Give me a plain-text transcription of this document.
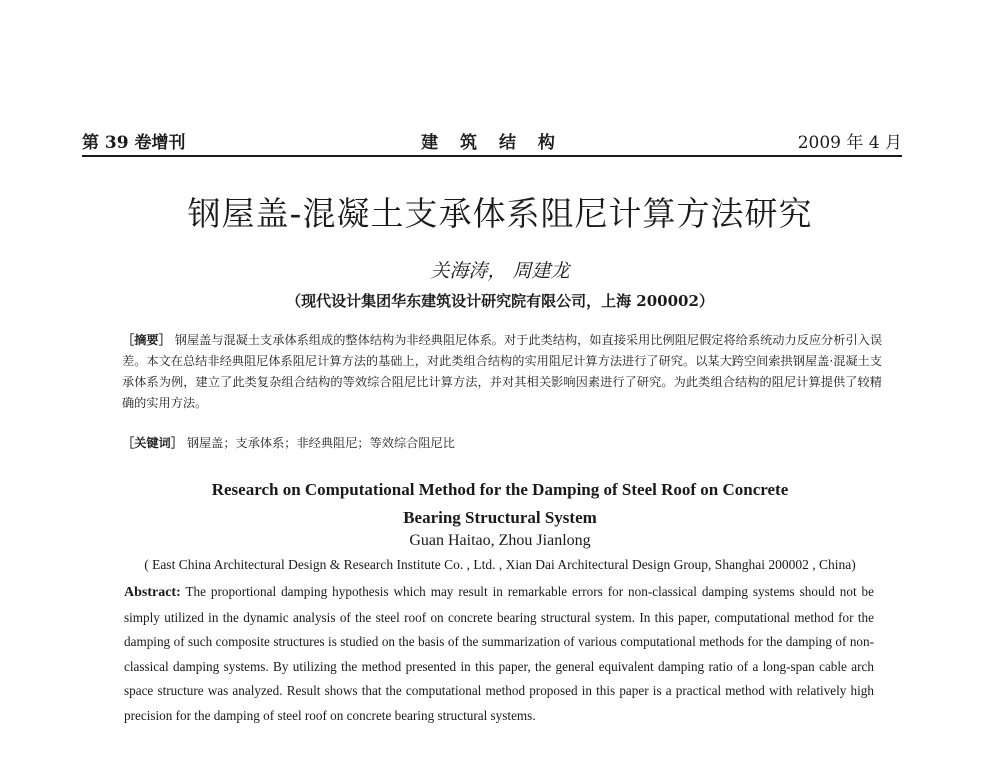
第 39 卷增刊	建 筑 结 构	2009 年 4 月
钢屋盖-混凝土支承体系阻尼计算方法研究
关海涛， 周建龙
（现代设计集团华东建筑设计研究院有限公司，上海 200002）
［摘要］ 钢屋盖与混凝土支承体系组成的整体结构为非经典阻尼体系。对于此类结构，如直接采用比例阻尼假定将给系统动力反应分析引入误差。本文在总结非经典阻尼体系阻尼计算方法的基础上，对此类组合结构的实用阻尼计算方法进行了研究。以某大跨空间索拱钢屋盖·混凝土支承体系为例，建立了此类复杂组合结构的等效综合阻尼比计算方法，并对其相关影响因素进行了研究。为此类组合结构的阻尼计算提供了较精确的实用方法。
［关键词］ 钢屋盖；支承体系；非经典阻尼；等效综合阻尼比
Research on Computational Method for the Damping of Steel Roof on Concrete
Bearing Structural System
Guan Haitao, Zhou Jianlong
( East China Architectural Design & Research Institute Co. , Ltd. , Xian Dai Architectural Design Group, Shanghai 200002 , China)
Abstract: The proportional damping hypothesis which may result in remarkable errors for non-classical damping systems should not be simply utilized in the dynamic analysis of the steel roof on concrete bearing structural system. In this paper, computational method for the damping of such composite structures is studied on the basis of the summarization of various computational methods for the damping of non-classical damping systems. By utilizing the method presented in this paper, the general equivalent damping ratio of a long-span cable arch space structure was analyzed. Result shows that the computational method proposed in this paper is a practical method with relatively high precision for the damping of steel roof on concrete bearing structural systems.
